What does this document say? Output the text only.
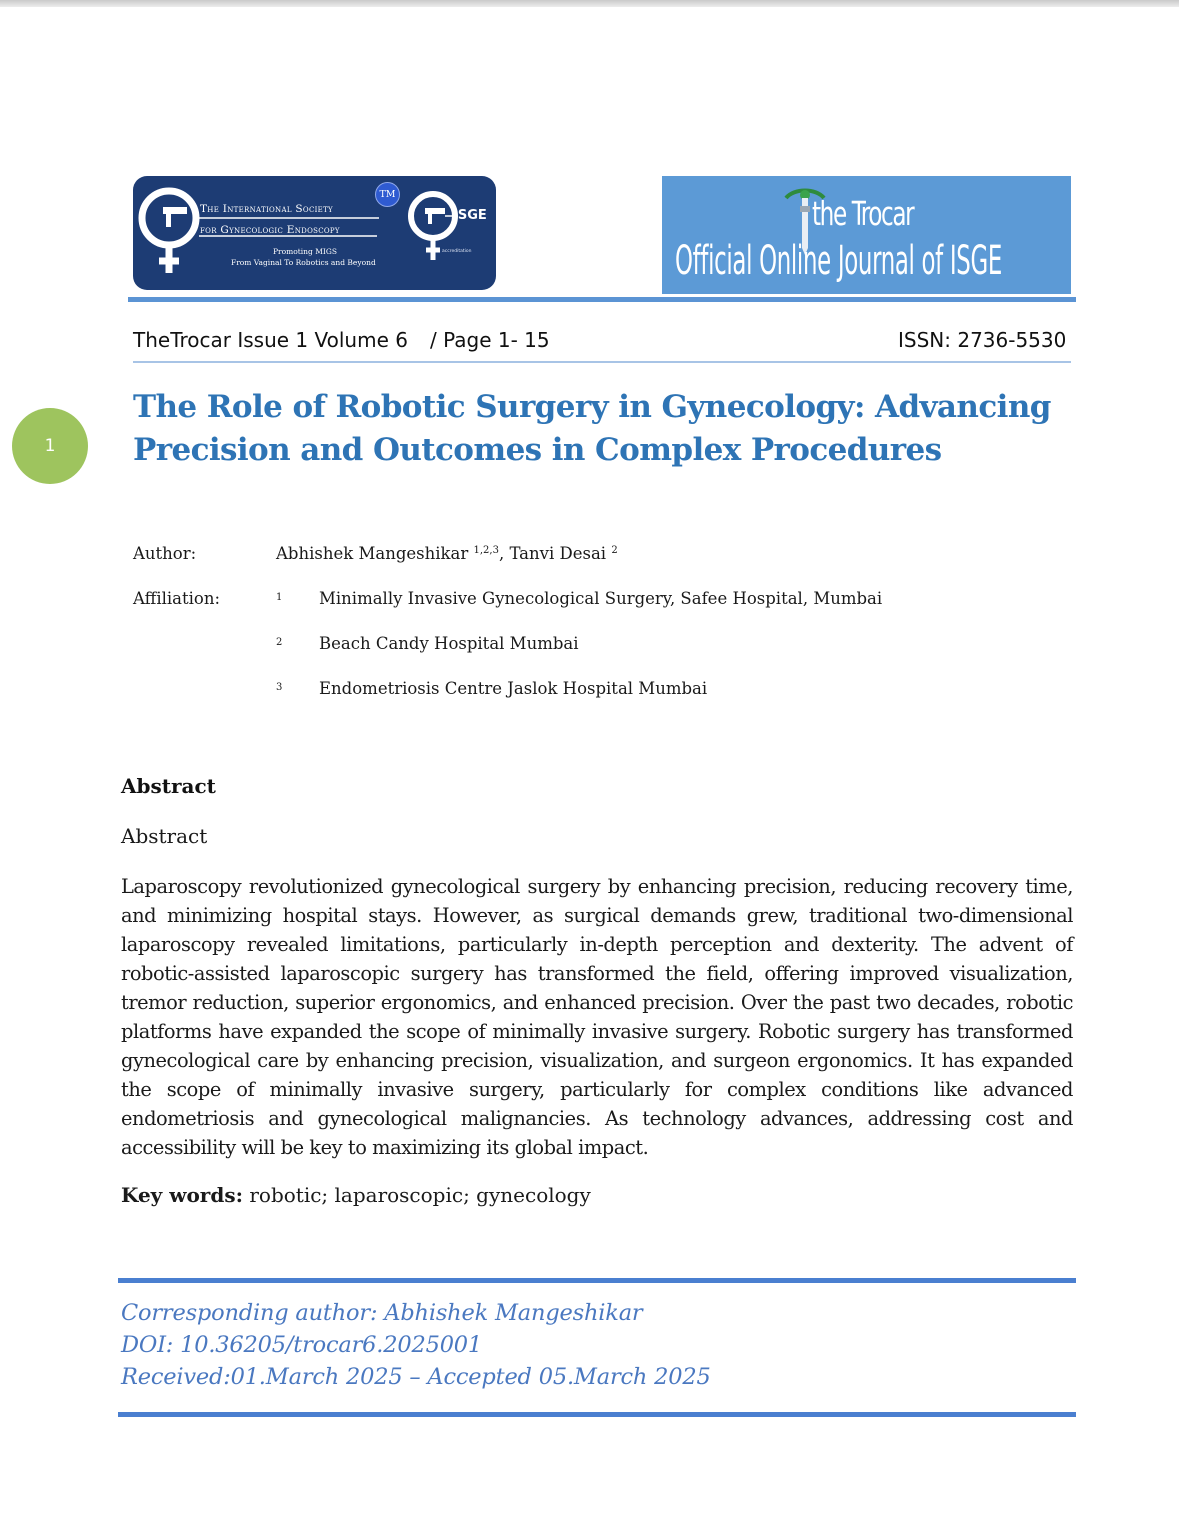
The International Society
for Gynecologic Endoscopy
Promoting MIGS
From Vaginal To Robotics and Beyond
TM
ISGE
accreditation
the Trocar
Official Online Journal of ISGE
TheTrocar Issue 1 Volume 6 / Page 1- 15	ISSN: 2736-5530
1
The Role of Robotic Surgery in Gynecology: Advancing Precision and Outcomes in Complex Procedures
Author:	Abhishek Mangeshikar $^{1,2,3}$, Tanvi Desai $^2$
Affiliation:	1 Minimally Invasive Gynecological Surgery, Safee Hospital, Mumbai
2 Beach Candy Hospital Mumbai
3 Endometriosis Centre Jaslok Hospital Mumbai
Abstract
Abstract

Laparoscopy revolutionized gynecological surgery by enhancing precision, reducing recovery time, and minimizing hospital stays. However, as surgical demands grew, traditional two-dimensional laparoscopy revealed limitations, particularly in-depth perception and dexterity. The advent of robotic-assisted laparoscopic surgery has transformed the field, offering improved visualization, tremor reduction, superior ergonomics, and enhanced precision. Over the past two decades, robotic platforms have expanded the scope of minimally invasive surgery. Robotic surgery has transformed gynecological care by enhancing precision, visualization, and surgeon ergonomics. It has expanded the scope of minimally invasive surgery, particularly for complex conditions like advanced endometriosis and gynecological malignancies. As technology advances, addressing cost and accessibility will be key to maximizing its global impact.

Key words: robotic; laparoscopic; gynecology
Corresponding author: Abhishek Mangeshikar
DOI: 10.36205/trocar6.2025001
Received:01.March 2025 – Accepted 05.March 2025
